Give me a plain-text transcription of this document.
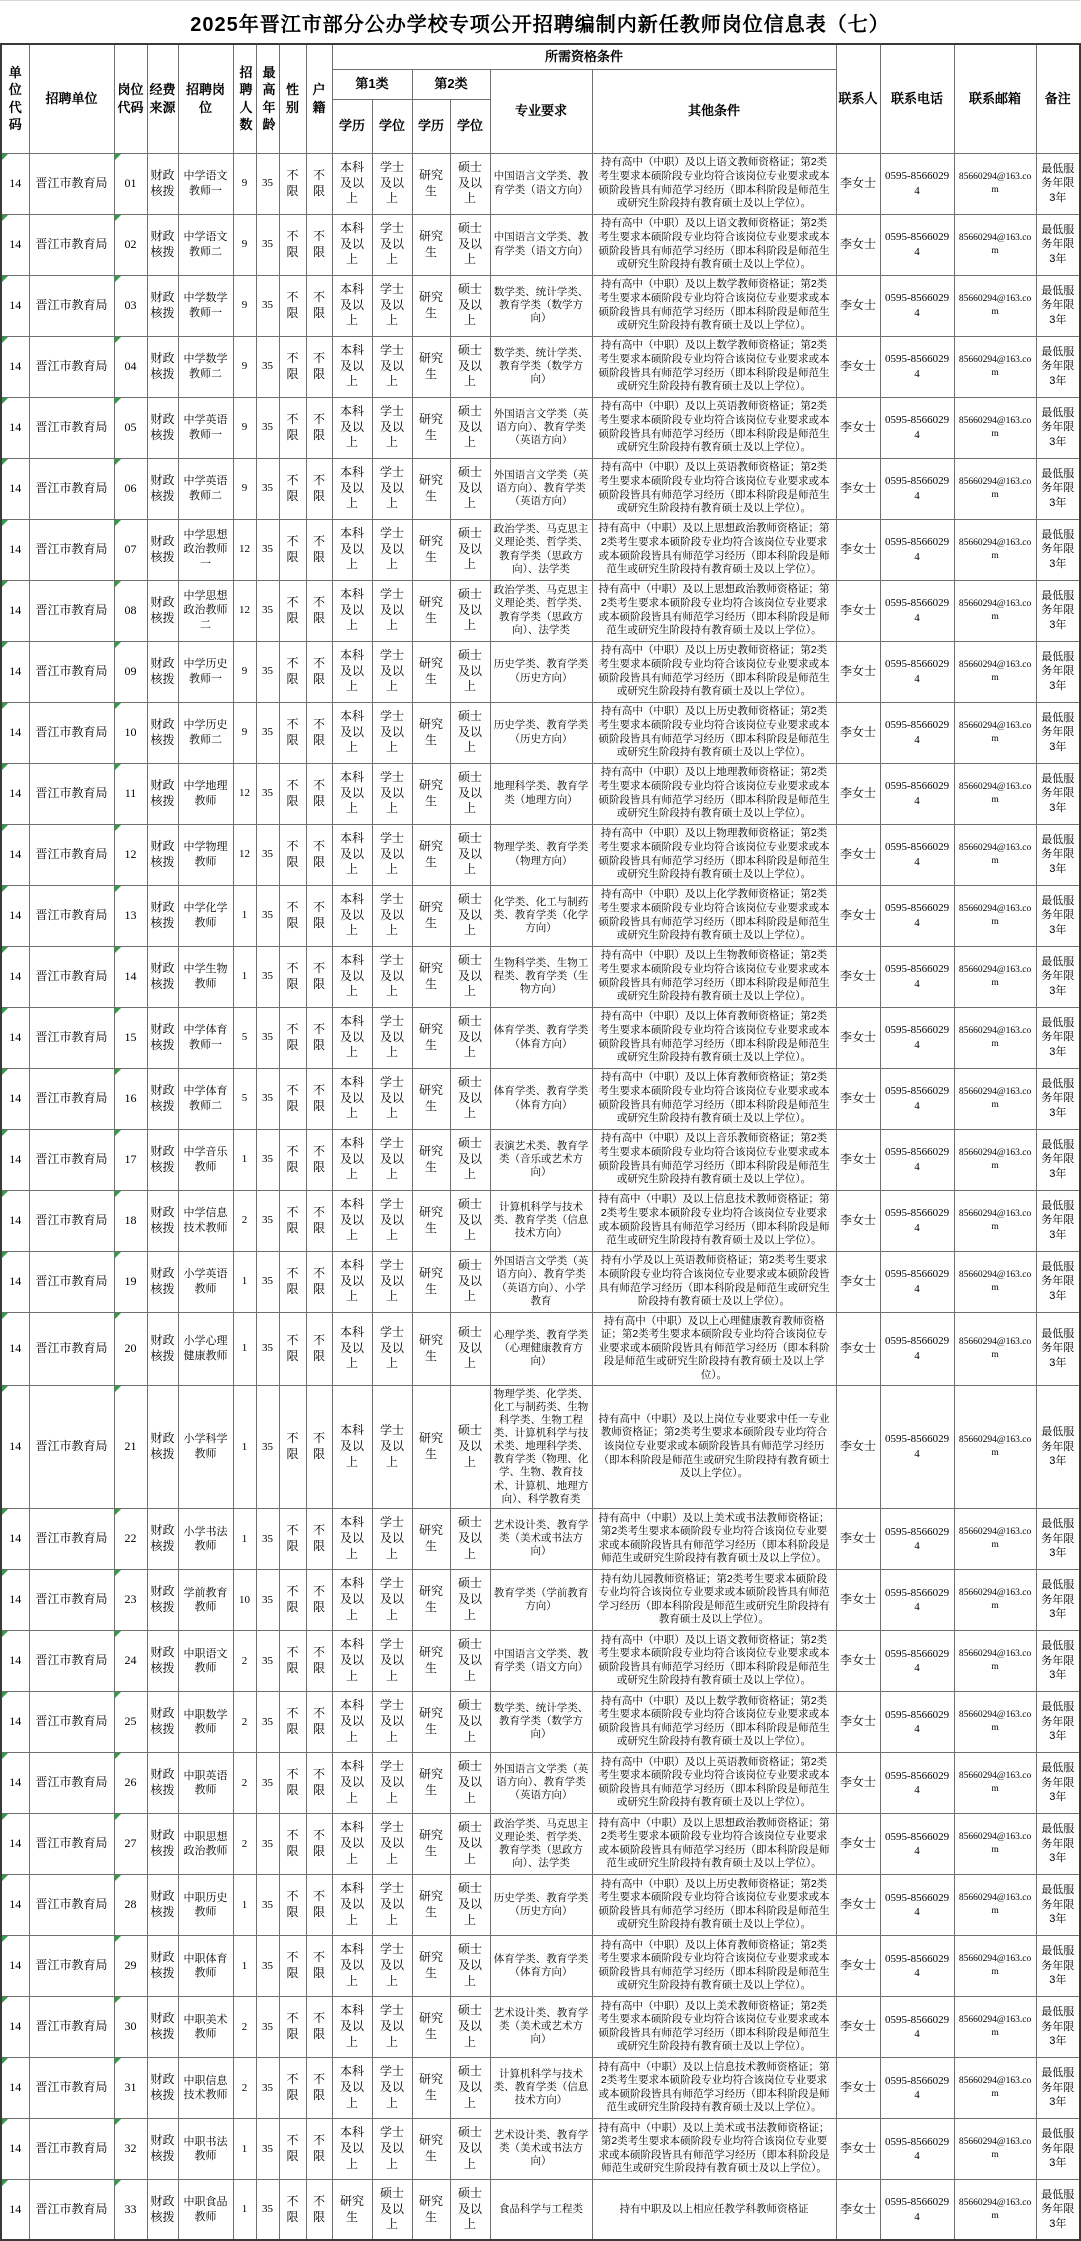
2025年晋江市部分公办学校专项公开招聘编制内新任教师岗位信息表（七）
单位代码	招聘单位	岗位代码	经费来源	招聘岗位	招聘人数	最高年龄	性别	户籍	所需资格条件						联系人	联系电话	联系邮箱	备注
									第1类		第2类		专业要求	其他条件				
									学历	学位	学历	学位						
14	晋江市教育局	01	财政核拨	中学语文教师一	9	35	不限	不限	本科及以上	学士及以上	研究生	硕士及以上	中国语言文学类、教育学类（语文方向）	持有高中（中职）及以上语文教师资格证；第2类考生要求本硕阶段专业均符合该岗位专业要求或本硕阶段皆具有师范学习经历（即本科阶段是师范生或研究生阶段持有教育硕士及以上学位）。	李女士	0595-85660294	85660294@163.com	最低服务年限3年
14	晋江市教育局	02	财政核拨	中学语文教师二	9	35	不限	不限	本科及以上	学士及以上	研究生	硕士及以上	中国语言文学类、教育学类（语文方向）	持有高中（中职）及以上语文教师资格证；第2类考生要求本硕阶段专业均符合该岗位专业要求或本硕阶段皆具有师范学习经历（即本科阶段是师范生或研究生阶段持有教育硕士及以上学位）。	李女士	0595-85660294	85660294@163.com	最低服务年限3年
14	晋江市教育局	03	财政核拨	中学数学教师一	9	35	不限	不限	本科及以上	学士及以上	研究生	硕士及以上	数学类、统计学类、教育学类（数学方向）	持有高中（中职）及以上数学教师资格证；第2类考生要求本硕阶段专业均符合该岗位专业要求或本硕阶段皆具有师范学习经历（即本科阶段是师范生或研究生阶段持有教育硕士及以上学位）。	李女士	0595-85660294	85660294@163.com	最低服务年限3年
14	晋江市教育局	04	财政核拨	中学数学教师二	9	35	不限	不限	本科及以上	学士及以上	研究生	硕士及以上	数学类、统计学类、教育学类（数学方向）	持有高中（中职）及以上数学教师资格证；第2类考生要求本硕阶段专业均符合该岗位专业要求或本硕阶段皆具有师范学习经历（即本科阶段是师范生或研究生阶段持有教育硕士及以上学位）。	李女士	0595-85660294	85660294@163.com	最低服务年限3年
14	晋江市教育局	05	财政核拨	中学英语教师一	9	35	不限	不限	本科及以上	学士及以上	研究生	硕士及以上	外国语言文学类（英语方向）、教育学类（英语方向）	持有高中（中职）及以上英语教师资格证；第2类考生要求本硕阶段专业均符合该岗位专业要求或本硕阶段皆具有师范学习经历（即本科阶段是师范生或研究生阶段持有教育硕士及以上学位）。	李女士	0595-85660294	85660294@163.com	最低服务年限3年
14	晋江市教育局	06	财政核拨	中学英语教师二	9	35	不限	不限	本科及以上	学士及以上	研究生	硕士及以上	外国语言文学类（英语方向）、教育学类（英语方向）	持有高中（中职）及以上英语教师资格证；第2类考生要求本硕阶段专业均符合该岗位专业要求或本硕阶段皆具有师范学习经历（即本科阶段是师范生或研究生阶段持有教育硕士及以上学位）。	李女士	0595-85660294	85660294@163.com	最低服务年限3年
14	晋江市教育局	07	财政核拨	中学思想政治教师一	12	35	不限	不限	本科及以上	学士及以上	研究生	硕士及以上	政治学类、马克思主义理论类、哲学类、教育学类（思政方向）、法学类	持有高中（中职）及以上思想政治教师资格证；第2类考生要求本硕阶段专业均符合该岗位专业要求或本硕阶段皆具有师范学习经历（即本科阶段是师范生或研究生阶段持有教育硕士及以上学位）。	李女士	0595-85660294	85660294@163.com	最低服务年限3年
14	晋江市教育局	08	财政核拨	中学思想政治教师二	12	35	不限	不限	本科及以上	学士及以上	研究生	硕士及以上	政治学类、马克思主义理论类、哲学类、教育学类（思政方向）、法学类	持有高中（中职）及以上思想政治教师资格证；第2类考生要求本硕阶段专业均符合该岗位专业要求或本硕阶段皆具有师范学习经历（即本科阶段是师范生或研究生阶段持有教育硕士及以上学位）。	李女士	0595-85660294	85660294@163.com	最低服务年限3年
14	晋江市教育局	09	财政核拨	中学历史教师一	9	35	不限	不限	本科及以上	学士及以上	研究生	硕士及以上	历史学类、教育学类（历史方向）	持有高中（中职）及以上历史教师资格证；第2类考生要求本硕阶段专业均符合该岗位专业要求或本硕阶段皆具有师范学习经历（即本科阶段是师范生或研究生阶段持有教育硕士及以上学位）。	李女士	0595-85660294	85660294@163.com	最低服务年限3年
14	晋江市教育局	10	财政核拨	中学历史教师二	9	35	不限	不限	本科及以上	学士及以上	研究生	硕士及以上	历史学类、教育学类（历史方向）	持有高中（中职）及以上历史教师资格证；第2类考生要求本硕阶段专业均符合该岗位专业要求或本硕阶段皆具有师范学习经历（即本科阶段是师范生或研究生阶段持有教育硕士及以上学位）。	李女士	0595-85660294	85660294@163.com	最低服务年限3年
14	晋江市教育局	11	财政核拨	中学地理教师	12	35	不限	不限	本科及以上	学士及以上	研究生	硕士及以上	地理科学类、教育学类（地理方向）	持有高中（中职）及以上地理教师资格证；第2类考生要求本硕阶段专业均符合该岗位专业要求或本硕阶段皆具有师范学习经历（即本科阶段是师范生或研究生阶段持有教育硕士及以上学位）。	李女士	0595-85660294	85660294@163.com	最低服务年限3年
14	晋江市教育局	12	财政核拨	中学物理教师	12	35	不限	不限	本科及以上	学士及以上	研究生	硕士及以上	物理学类、教育学类（物理方向）	持有高中（中职）及以上物理教师资格证；第2类考生要求本硕阶段专业均符合该岗位专业要求或本硕阶段皆具有师范学习经历（即本科阶段是师范生或研究生阶段持有教育硕士及以上学位）。	李女士	0595-85660294	85660294@163.com	最低服务年限3年
14	晋江市教育局	13	财政核拨	中学化学教师	1	35	不限	不限	本科及以上	学士及以上	研究生	硕士及以上	化学类、化工与制药类、教育学类（化学方向）	持有高中（中职）及以上化学教师资格证；第2类考生要求本硕阶段专业均符合该岗位专业要求或本硕阶段皆具有师范学习经历（即本科阶段是师范生或研究生阶段持有教育硕士及以上学位）。	李女士	0595-85660294	85660294@163.com	最低服务年限3年
14	晋江市教育局	14	财政核拨	中学生物教师	1	35	不限	不限	本科及以上	学士及以上	研究生	硕士及以上	生物科学类、生物工程类、教育学类（生物方向）	持有高中（中职）及以上生物教师资格证；第2类考生要求本硕阶段专业均符合该岗位专业要求或本硕阶段皆具有师范学习经历（即本科阶段是师范生或研究生阶段持有教育硕士及以上学位）。	李女士	0595-85660294	85660294@163.com	最低服务年限3年
14	晋江市教育局	15	财政核拨	中学体育教师一	5	35	不限	不限	本科及以上	学士及以上	研究生	硕士及以上	体育学类、教育学类（体育方向）	持有高中（中职）及以上体育教师资格证；第2类考生要求本硕阶段专业均符合该岗位专业要求或本硕阶段皆具有师范学习经历（即本科阶段是师范生或研究生阶段持有教育硕士及以上学位）。	李女士	0595-85660294	85660294@163.com	最低服务年限3年
14	晋江市教育局	16	财政核拨	中学体育教师二	5	35	不限	不限	本科及以上	学士及以上	研究生	硕士及以上	体育学类、教育学类（体育方向）	持有高中（中职）及以上体育教师资格证；第2类考生要求本硕阶段专业均符合该岗位专业要求或本硕阶段皆具有师范学习经历（即本科阶段是师范生或研究生阶段持有教育硕士及以上学位）。	李女士	0595-85660294	85660294@163.com	最低服务年限3年
14	晋江市教育局	17	财政核拨	中学音乐教师	1	35	不限	不限	本科及以上	学士及以上	研究生	硕士及以上	表演艺术类、教育学类（音乐或艺术方向）	持有高中（中职）及以上音乐教师资格证；第2类考生要求本硕阶段专业均符合该岗位专业要求或本硕阶段皆具有师范学习经历（即本科阶段是师范生或研究生阶段持有教育硕士及以上学位）。	李女士	0595-85660294	85660294@163.com	最低服务年限3年
14	晋江市教育局	18	财政核拨	中学信息技术教师	2	35	不限	不限	本科及以上	学士及以上	研究生	硕士及以上	计算机科学与技术类、教育学类（信息技术方向）	持有高中（中职）及以上信息技术教师资格证；第2类考生要求本硕阶段专业均符合该岗位专业要求或本硕阶段皆具有师范学习经历（即本科阶段是师范生或研究生阶段持有教育硕士及以上学位）。	李女士	0595-85660294	85660294@163.com	最低服务年限3年
14	晋江市教育局	19	财政核拨	小学英语教师	1	35	不限	不限	本科及以上	学士及以上	研究生	硕士及以上	外国语言文学类（英语方向）、教育学类（英语方向）、小学教育	持有小学及以上英语教师资格证；第2类考生要求本硕阶段专业均符合该岗位专业要求或本硕阶段皆具有师范学习经历（即本科阶段是师范生或研究生阶段持有教育硕士及以上学位）。	李女士	0595-85660294	85660294@163.com	最低服务年限3年
14	晋江市教育局	20	财政核拨	小学心理健康教师	1	35	不限	不限	本科及以上	学士及以上	研究生	硕士及以上	心理学类、教育学类（心理健康教育方向）	持有高中（中职）及以上心理健康教育教师资格证；第2类考生要求本硕阶段专业均符合该岗位专业要求或本硕阶段皆具有师范学习经历（即本科阶段是师范生或研究生阶段持有教育硕士及以上学位）。	李女士	0595-85660294	85660294@163.com	最低服务年限3年
14	晋江市教育局	21	财政核拨	小学科学教师	1	35	不限	不限	本科及以上	学士及以上	研究生	硕士及以上	物理学类、化学类、化工与制药类、生物科学类、生物工程类、计算机科学与技术类、地理科学类、教育学类（物理、化学、生物、教育技术、计算机、地理方向）、科学教育类	持有高中（中职）及以上岗位专业要求中任一专业教师资格证；第2类考生要求本硕阶段专业均符合该岗位专业要求或本硕阶段皆具有师范学习经历（即本科阶段是师范生或研究生阶段持有教育硕士及以上学位）。	李女士	0595-85660294	85660294@163.com	最低服务年限3年
14	晋江市教育局	22	财政核拨	小学书法教师	1	35	不限	不限	本科及以上	学士及以上	研究生	硕士及以上	艺术设计类、教育学类（美术或书法方向）	持有高中（中职）及以上美术或书法教师资格证；第2类考生要求本硕阶段专业均符合该岗位专业要求或本硕阶段皆具有师范学习经历（即本科阶段是师范生或研究生阶段持有教育硕士及以上学位）。	李女士	0595-85660294	85660294@163.com	最低服务年限3年
14	晋江市教育局	23	财政核拨	学前教育教师	10	35	不限	不限	本科及以上	学士及以上	研究生	硕士及以上	教育学类（学前教育方向）	持有幼儿园教师资格证；第2类考生要求本硕阶段专业均符合该岗位专业要求或本硕阶段皆具有师范学习经历（即本科阶段是师范生或研究生阶段持有教育硕士及以上学位）。	李女士	0595-85660294	85660294@163.com	最低服务年限3年
14	晋江市教育局	24	财政核拨	中职语文教师	2	35	不限	不限	本科及以上	学士及以上	研究生	硕士及以上	中国语言文学类、教育学类（语文方向）	持有高中（中职）及以上语文教师资格证；第2类考生要求本硕阶段专业均符合该岗位专业要求或本硕阶段皆具有师范学习经历（即本科阶段是师范生或研究生阶段持有教育硕士及以上学位）。	李女士	0595-85660294	85660294@163.com	最低服务年限3年
14	晋江市教育局	25	财政核拨	中职数学教师	2	35	不限	不限	本科及以上	学士及以上	研究生	硕士及以上	数学类、统计学类、教育学类（数学方向）	持有高中（中职）及以上数学教师资格证；第2类考生要求本硕阶段专业均符合该岗位专业要求或本硕阶段皆具有师范学习经历（即本科阶段是师范生或研究生阶段持有教育硕士及以上学位）。	李女士	0595-85660294	85660294@163.com	最低服务年限3年
14	晋江市教育局	26	财政核拨	中职英语教师	2	35	不限	不限	本科及以上	学士及以上	研究生	硕士及以上	外国语言文学类（英语方向）、教育学类（英语方向）	持有高中（中职）及以上英语教师资格证；第2类考生要求本硕阶段专业均符合该岗位专业要求或本硕阶段皆具有师范学习经历（即本科阶段是师范生或研究生阶段持有教育硕士及以上学位）。	李女士	0595-85660294	85660294@163.com	最低服务年限3年
14	晋江市教育局	27	财政核拨	中职思想政治教师	2	35	不限	不限	本科及以上	学士及以上	研究生	硕士及以上	政治学类、马克思主义理论类、哲学类、教育学类（思政方向）、法学类	持有高中（中职）及以上思想政治教师资格证；第2类考生要求本硕阶段专业均符合该岗位专业要求或本硕阶段皆具有师范学习经历（即本科阶段是师范生或研究生阶段持有教育硕士及以上学位）。	李女士	0595-85660294	85660294@163.com	最低服务年限3年
14	晋江市教育局	28	财政核拨	中职历史教师	1	35	不限	不限	本科及以上	学士及以上	研究生	硕士及以上	历史学类、教育学类（历史方向）	持有高中（中职）及以上历史教师资格证；第2类考生要求本硕阶段专业均符合该岗位专业要求或本硕阶段皆具有师范学习经历（即本科阶段是师范生或研究生阶段持有教育硕士及以上学位）。	李女士	0595-85660294	85660294@163.com	最低服务年限3年
14	晋江市教育局	29	财政核拨	中职体育教师	1	35	不限	不限	本科及以上	学士及以上	研究生	硕士及以上	体育学类、教育学类（体育方向）	持有高中（中职）及以上体育教师资格证；第2类考生要求本硕阶段专业均符合该岗位专业要求或本硕阶段皆具有师范学习经历（即本科阶段是师范生或研究生阶段持有教育硕士及以上学位）。	李女士	0595-85660294	85660294@163.com	最低服务年限3年
14	晋江市教育局	30	财政核拨	中职美术教师	2	35	不限	不限	本科及以上	学士及以上	研究生	硕士及以上	艺术设计类、教育学类（美术或艺术方向）	持有高中（中职）及以上美术教师资格证；第2类考生要求本硕阶段专业均符合该岗位专业要求或本硕阶段皆具有师范学习经历（即本科阶段是师范生或研究生阶段持有教育硕士及以上学位）。	李女士	0595-85660294	85660294@163.com	最低服务年限3年
14	晋江市教育局	31	财政核拨	中职信息技术教师	2	35	不限	不限	本科及以上	学士及以上	研究生	硕士及以上	计算机科学与技术类、教育学类（信息技术方向）	持有高中（中职）及以上信息技术教师资格证；第2类考生要求本硕阶段专业均符合该岗位专业要求或本硕阶段皆具有师范学习经历（即本科阶段是师范生或研究生阶段持有教育硕士及以上学位）。	李女士	0595-85660294	85660294@163.com	最低服务年限3年
14	晋江市教育局	32	财政核拨	中职书法教师	1	35	不限	不限	本科及以上	学士及以上	研究生	硕士及以上	艺术设计类、教育学类（美术或书法方向）	持有高中（中职）及以上美术或书法教师资格证；第2类考生要求本硕阶段专业均符合该岗位专业要求或本硕阶段皆具有师范学习经历（即本科阶段是师范生或研究生阶段持有教育硕士及以上学位）。	李女士	0595-85660294	85660294@163.com	最低服务年限3年
14	晋江市教育局	33	财政核拨	中职食品教师	1	35	不限	不限	研究生	硕士及以上	研究生	硕士及以上	食品科学与工程类	持有中职及以上相应任教学科教师资格证	李女士	0595-85660294	85660294@163.com	最低服务年限3年
